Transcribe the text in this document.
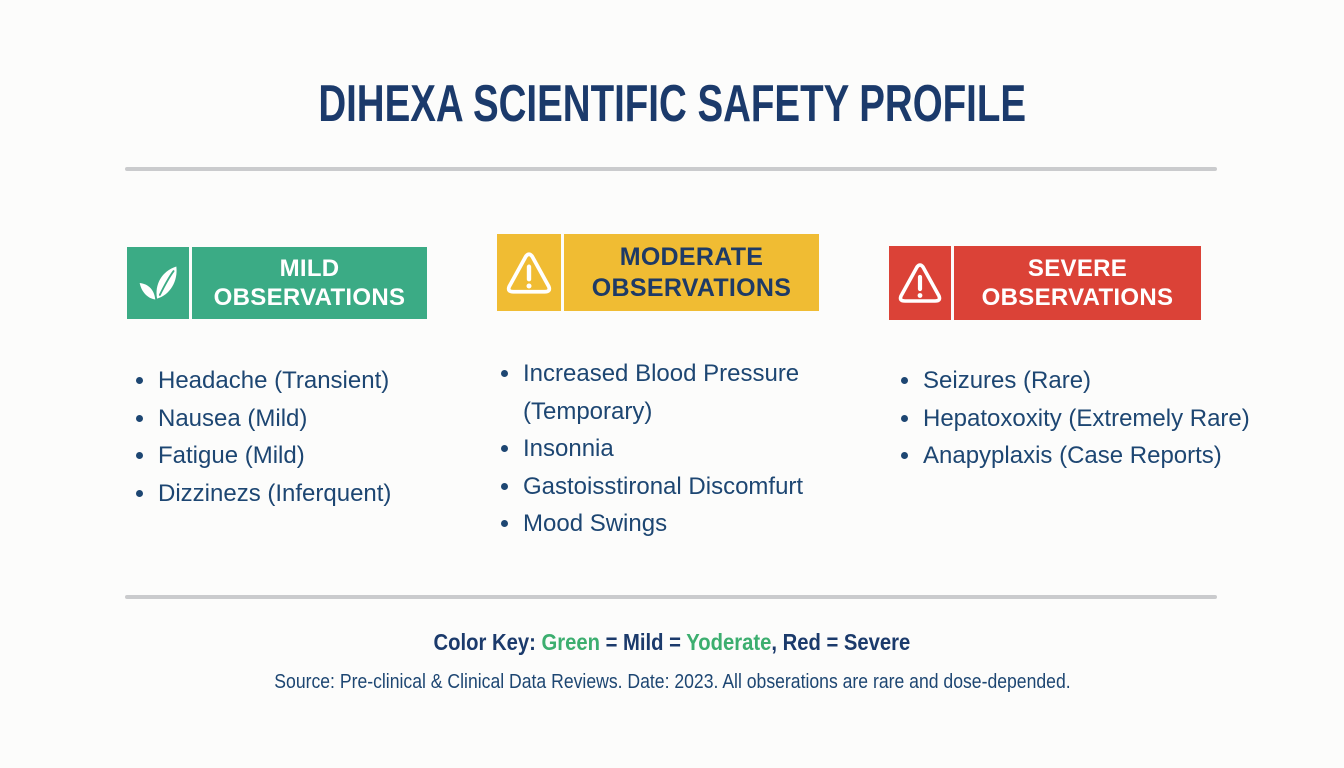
DIHEXA SCIENTIFIC SAFETY PROFILE
MILD OBSERVATIONS
MODERATE OBSERVATIONS
SEVERE OBSERVATIONS
Headache (Transient)
Nausea (Mild)
Fatigue (Mild)
Dizzinezs (Inferquent)
Increased Blood Pressure (Temporary)
Insonnia
Gastoisstironal Discomfurt
Mood Swings
Seizures (Rare)
Hepatoxoxity (Extremely Rare)
Anapyplaxis (Case Reports)
Color Key: Green = Mild = Yoderate, Red = Severe
Source: Pre-clinical & Clinical Data Reviews. Date: 2023. All obserations are rare and dose-depended.
